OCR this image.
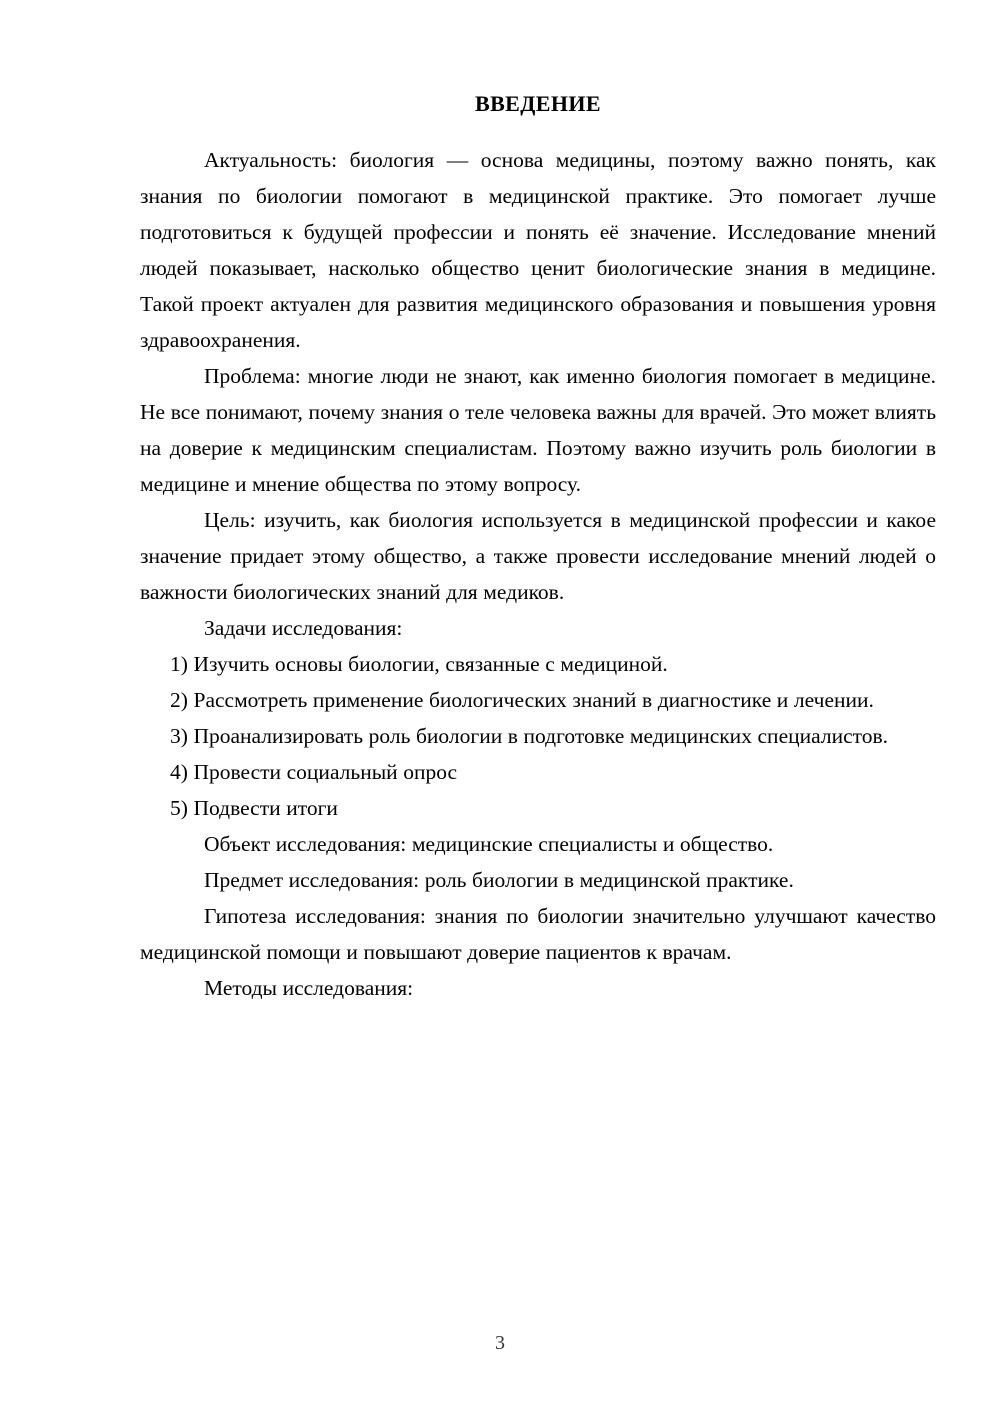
ВВЕДЕНИЕ

Актуальность: биология — основа медицины, поэтому важно понять, как знания по биологии помогают в медицинской практике. Это помогает лучше подготовиться к будущей профессии и понять её значение. Исследование мнений людей показывает, насколько общество ценит биологические знания в медицине. Такой проект актуален для развития медицинского образования и повышения уровня здравоохранения.

Проблема: многие люди не знают, как именно биология помогает в медицине. Не все понимают, почему знания о теле человека важны для врачей. Это может влиять на доверие к медицинским специалистам. Поэтому важно изучить роль биологии в медицине и мнение общества по этому вопросу.

Цель: изучить, как биология используется в медицинской профессии и какое значение придает этому общество, а также провести исследование мнений людей о важности биологических знаний для медиков.

Задачи исследования:

1) Изучить основы биологии, связанные с медициной.

2) Рассмотреть применение биологических знаний в диагностике и лечении.

3) Проанализировать роль биологии в подготовке медицинских специалистов.

4) Провести социальный опрос

5) Подвести итоги

Объект исследования: медицинские специалисты и общество.

Предмет исследования: роль биологии в медицинской практике.

Гипотеза исследования: знания по биологии значительно улучшают качество медицинской помощи и повышают доверие пациентов к врачам.

Методы исследования:

3
